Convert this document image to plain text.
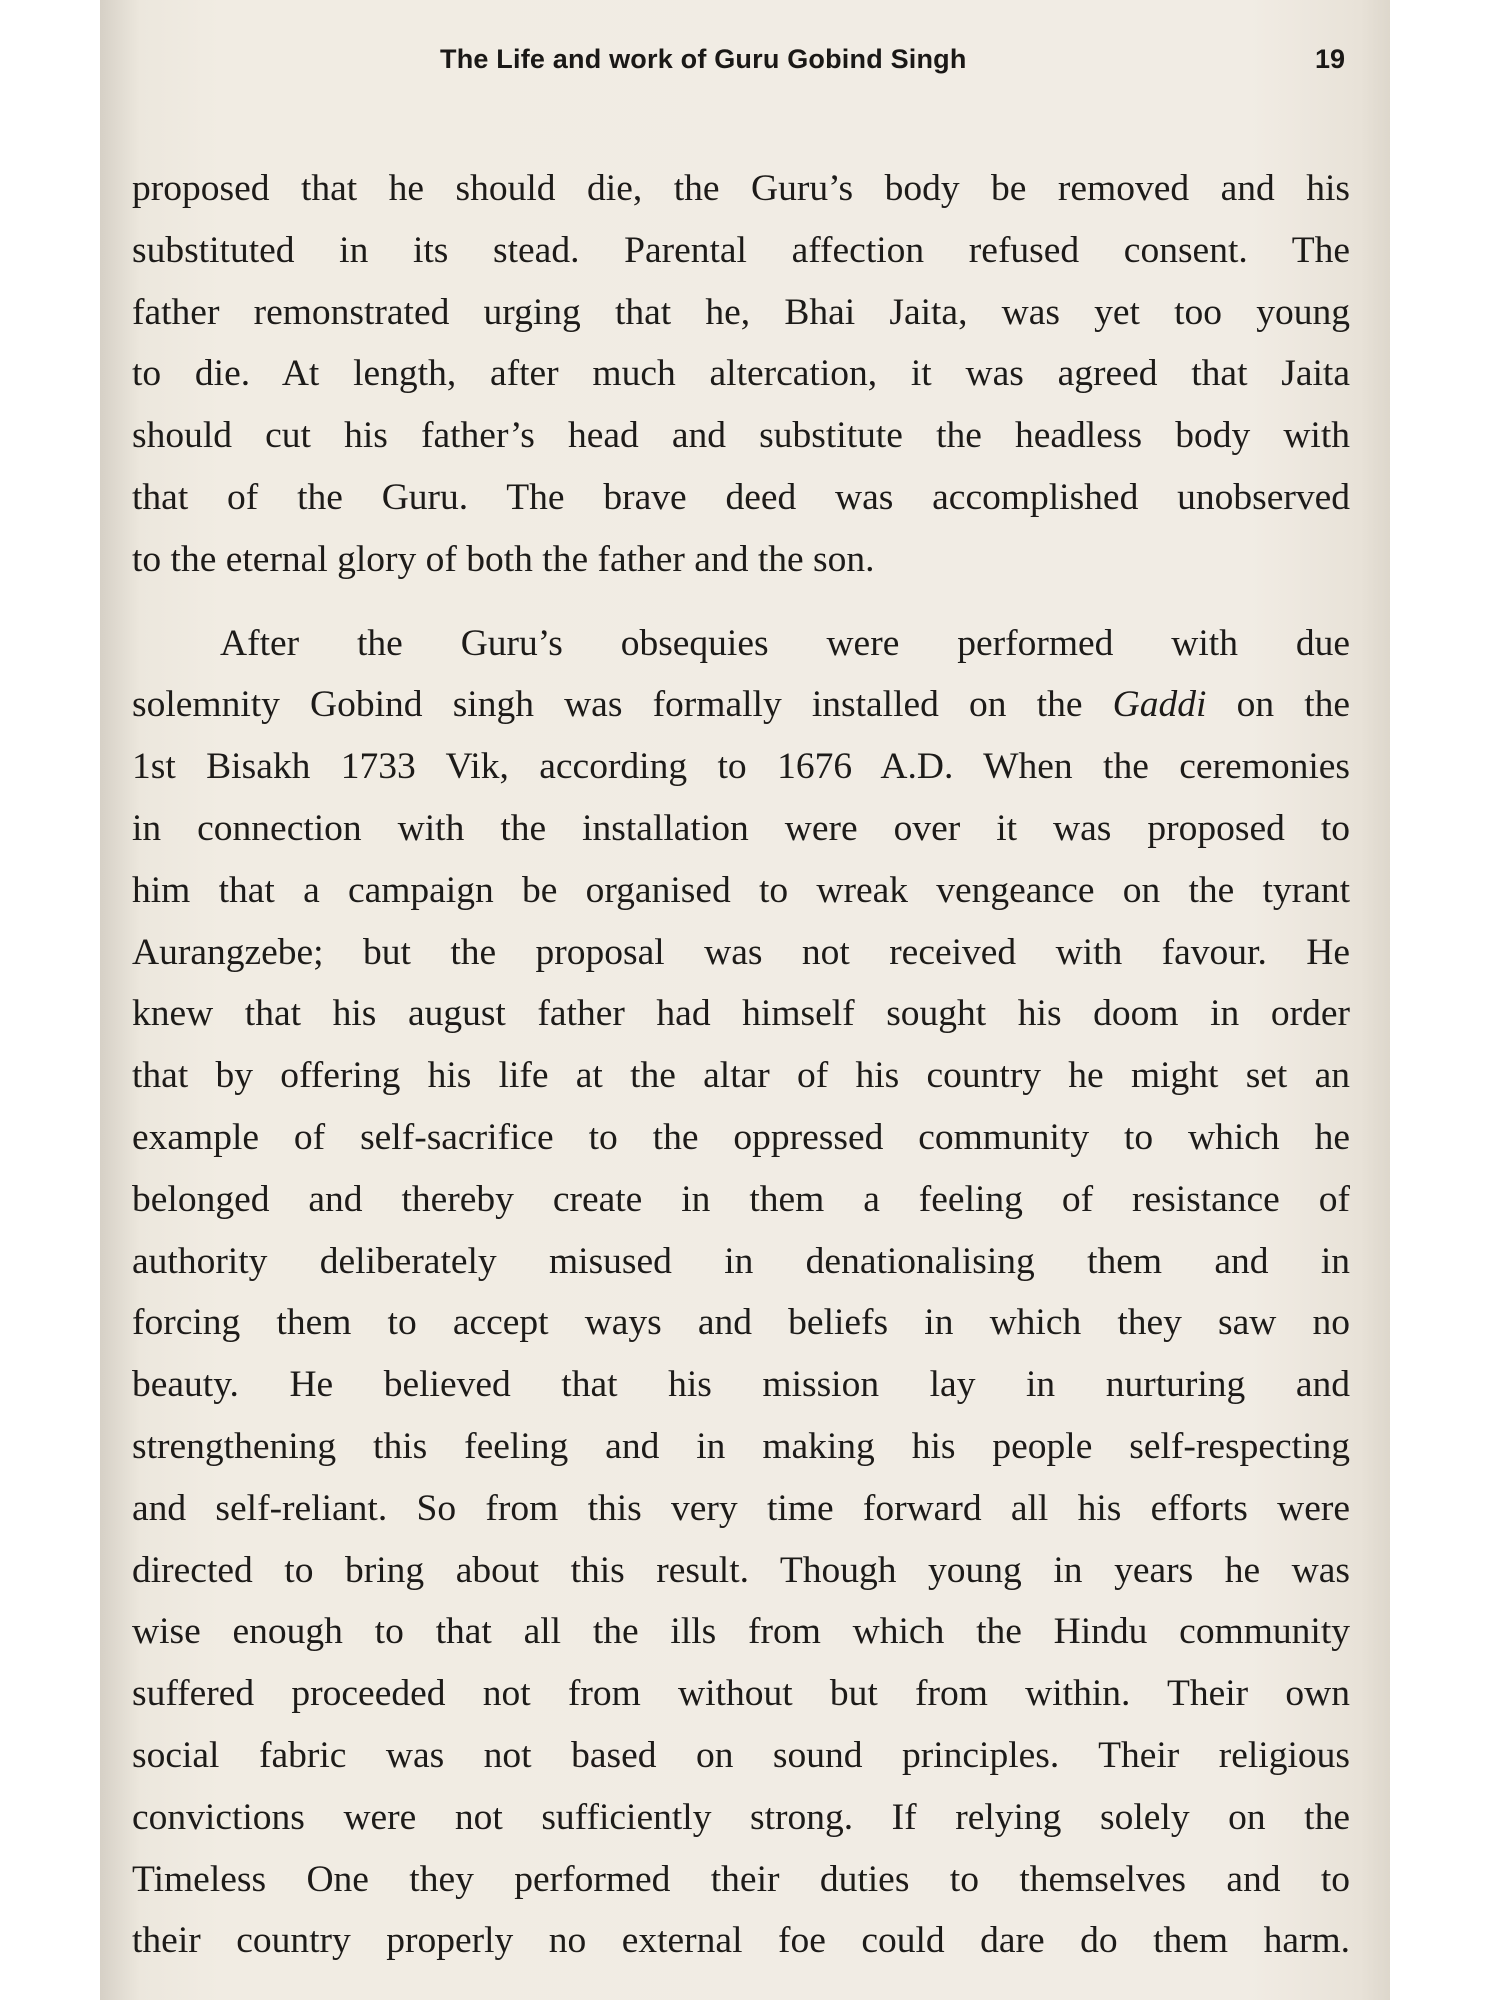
The Life and work of Guru Gobind Singh	19
proposed that he should die, the Guru’s body be removed and his
substituted in its stead. Parental affection refused consent. The
father remonstrated urging that he, Bhai Jaita, was yet too young
to die. At length, after much altercation, it was agreed that Jaita
should cut his father’s head and substitute the headless body with
that of the Guru. The brave deed was accomplished unobserved
to the eternal glory of both the father and the son.
After the Guru’s obsequies were performed with due
solemnity Gobind singh was formally installed on the Gaddi on the
1st Bisakh 1733 Vik, according to 1676 A.D. When the ceremonies
in connection with the installation were over it was proposed to
him that a campaign be organised to wreak vengeance on the tyrant
Aurangzebe; but the proposal was not received with favour. He
knew that his august father had himself sought his doom in order
that by offering his life at the altar of his country he might set an
example of self-sacrifice to the oppressed community to which he
belonged and thereby create in them a feeling of resistance of
authority deliberately misused in denationalising them and in
forcing them to accept ways and beliefs in which they saw no
beauty. He believed that his mission lay in nurturing and
strengthening this feeling and in making his people self-respecting
and self-reliant. So from this very time forward all his efforts were
directed to bring about this result. Though young in years he was
wise enough to that all the ills from which the Hindu community
suffered proceeded not from without but from within. Their own
social fabric was not based on sound principles. Their religious
convictions were not sufficiently strong. If relying solely on the
Timeless One they performed their duties to themselves and to
their country properly no external foe could dare do them harm.
